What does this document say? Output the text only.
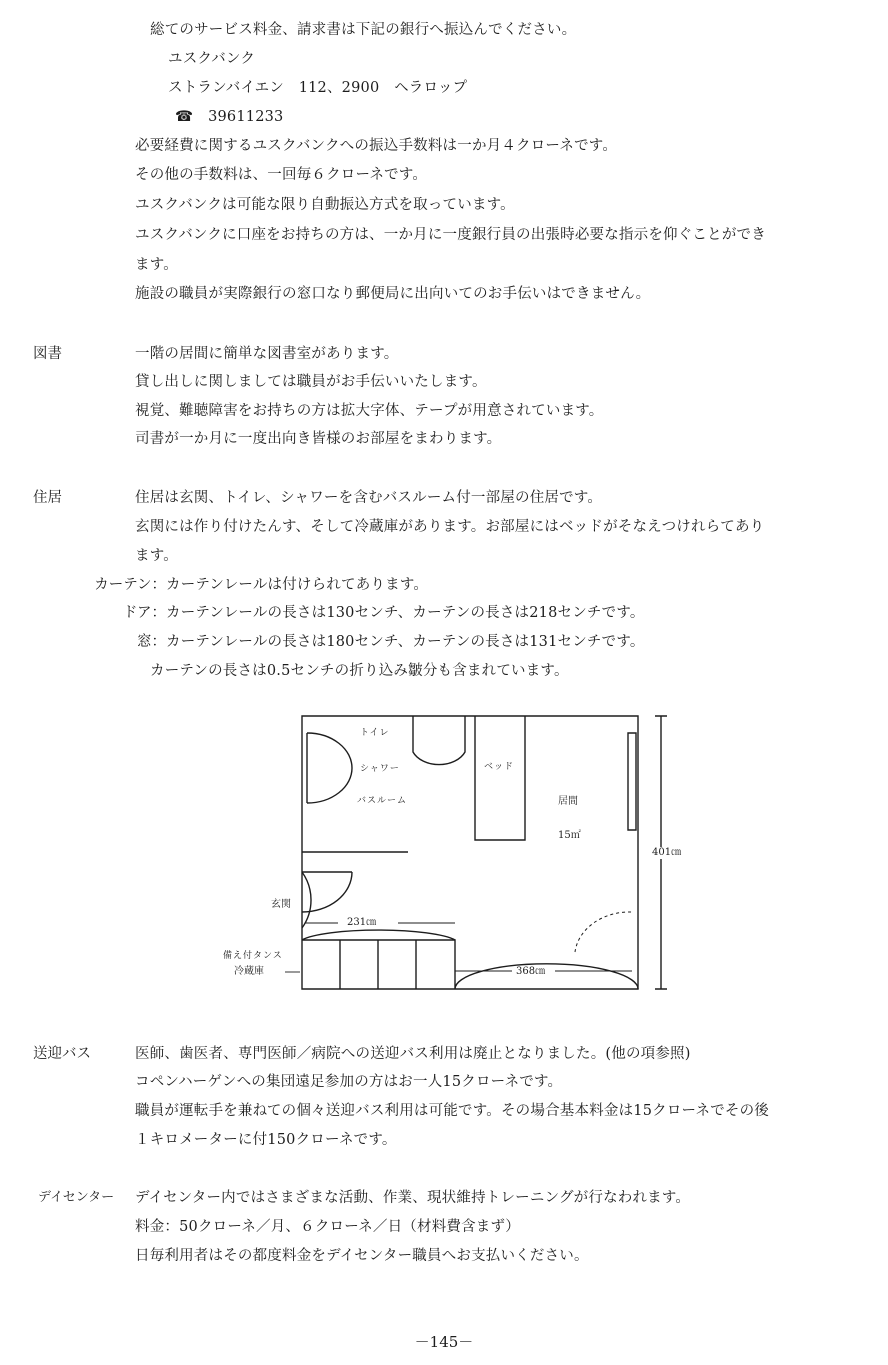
総てのサービス料金、請求書は下記の銀行へ振込んでください。
ユスクバンク
ストランバイエン　112、2900　ヘラロップ
☎ 39611233
必要経費に関するユスクバンクへの振込手数料は一か月４クローネです。
その他の手数料は、一回毎６クローネです。
ユスクバンクは可能な限り自動振込方式を取っています。
ユスクバンクに口座をお持ちの方は、一か月に一度銀行員の出張時必要な指示を仰ぐことができ
ます。
施設の職員が実際銀行の窓口なり郵便局に出向いてのお手伝いはできません。
図書	一階の居間に簡単な図書室があります。
貸し出しに関しましては職員がお手伝いいたします。
視覚、難聴障害をお持ちの方は拡大字体、テープが用意されています。
司書が一か月に一度出向き皆様のお部屋をまわります。
住居	住居は玄関、トイレ、シャワーを含むバスルーム付一部屋の住居です。
玄関には作り付けたんす、そして冷蔵庫があります。お部屋にはベッドがそなえつけれらてあり
ます。
カーテン： カーテンレールは付けられてあります。
ドア： カーテンレールの長さは130センチ、カーテンの長さは218センチです。
窓： カーテンレールの長さは180センチ、カーテンの長さは131センチです。
カーテンの長さは0.5センチの折り込み皺分も含まれています。
トイレ
シャワー
バスルーム
ベッド
居間
15㎡
401㎝
玄関
231㎝
備え付タンス
冷蔵庫	368㎝
送迎バス	医師、歯医者、専門医師／病院への送迎バス利用は廃止となりました。(他の項参照)
コペンハーゲンへの集団遠足参加の方はお一人15クローネです。
職員が運転手を兼ねての個々送迎バス利用は可能です。その場合基本料金は15クローネでその後
１キロメーターに付150クローネです。
デイセンター デイセンター内ではさまざまな活動、作業、現状維持トレーニングが行なわれます。
料金：50クローネ／月、６クローネ／日（材料費含まず）
日毎利用者はその都度料金をデイセンター職員へお支払いください。
－145－
